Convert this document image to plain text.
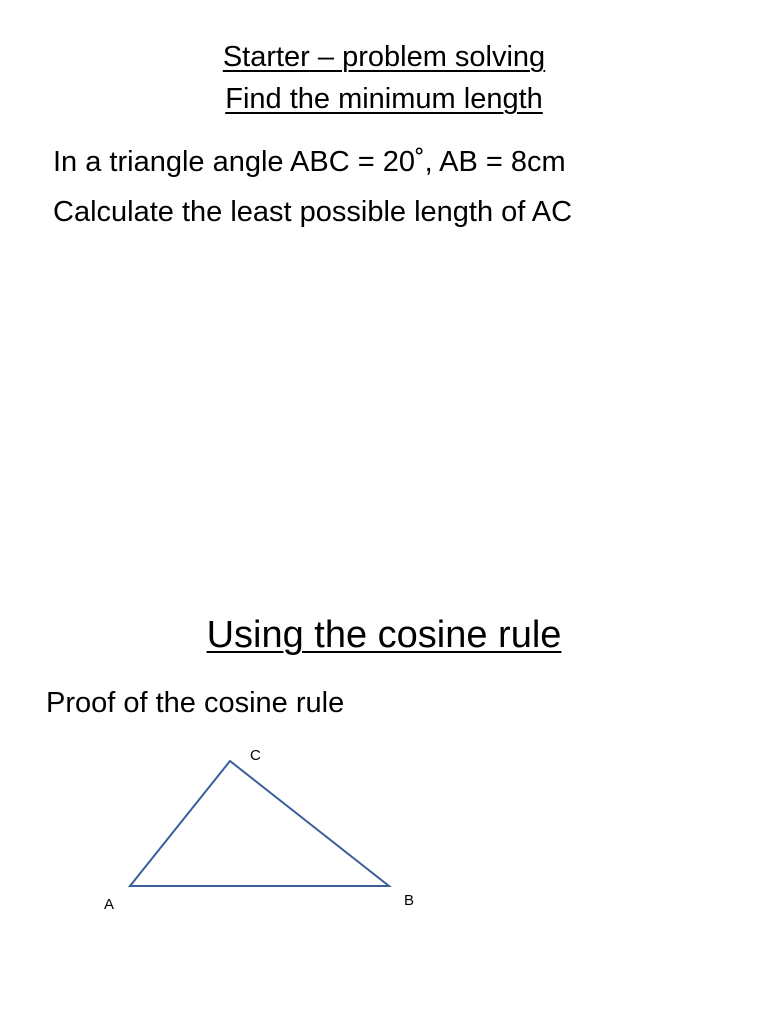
Starter – problem solving
Find the minimum length
In a triangle angle ABC = 20˚, AB = 8cm
Calculate the least possible length of AC
Using the cosine rule
Proof of the cosine rule
C
A	B
